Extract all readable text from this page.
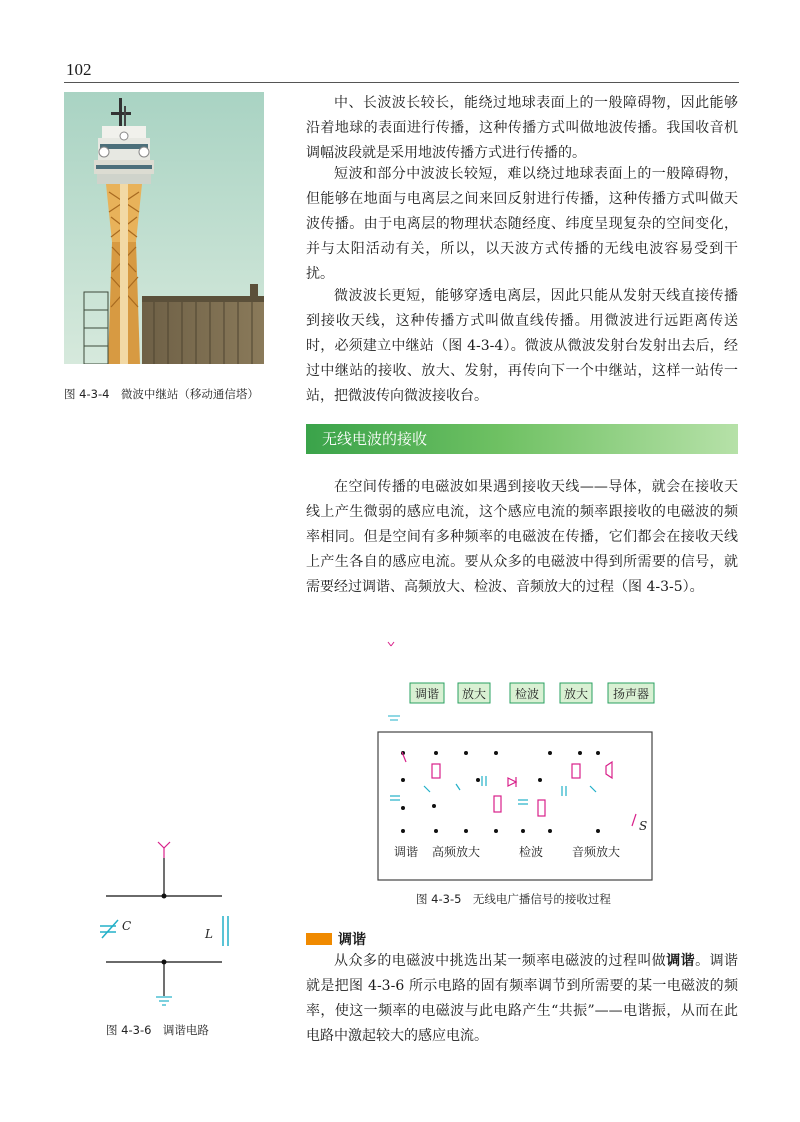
102
图 4-3-4　微波中继站（移动通信塔）

中、长波波长较长，能绕过地球表面上的一般障碍物，因此能够沿着地球的表面进行传播，这种传播方式叫做地波传播。我国收音机调幅波段就是采用地波传播方式进行传播的。

短波和部分中波波长较短，难以绕过地球表面上的一般障碍物，但能够在地面与电离层之间来回反射进行传播，这种传播方式叫做天波传播。由于电离层的物理状态随经度、纬度呈现复杂的空间变化，并与太阳活动有关，所以，以天波方式传播的无线电波容易受到干扰。

微波波长更短，能够穿透电离层，因此只能从发射天线直接传播到接收天线，这种传播方式叫做直线传播。用微波进行远距离传送时，必须建立中继站（图 4-3-4）。微波从微波发射台发射出去后，经过中继站的接收、放大、发射，再传向下一个中继站，这样一站传一站，把微波传向微波接收台。

无线电波的接收

在空间传播的电磁波如果遇到接收天线——导体，就会在接收天线上产生微弱的感应电流，这个感应电流的频率跟接收的电磁波的频率相同。但是空间有多种频率的电磁波在传播，它们都会在接收天线上产生各自的感应电流。要从众多的电磁波中得到所需要的信号，就需要经过调谐、高频放大、检波、音频放大的过程（图 4-3-5）。

调谐 放大 检波 放大 扬声器
S
调谐 高频放大	检波 音频放大
图 4-3-5　无线电广播信号的接收过程
C
L
图 4-3-6　调谐电路
调谐

从众多的电磁波中挑选出某一频率电磁波的过程叫做调谐。调谐就是把图 4-3-6 所示电路的固有频率调节到所需要的某一电磁波的频率，使这一频率的电磁波与此电路产生“共振”——电谐振，从而在此电路中激起较大的感应电流。
